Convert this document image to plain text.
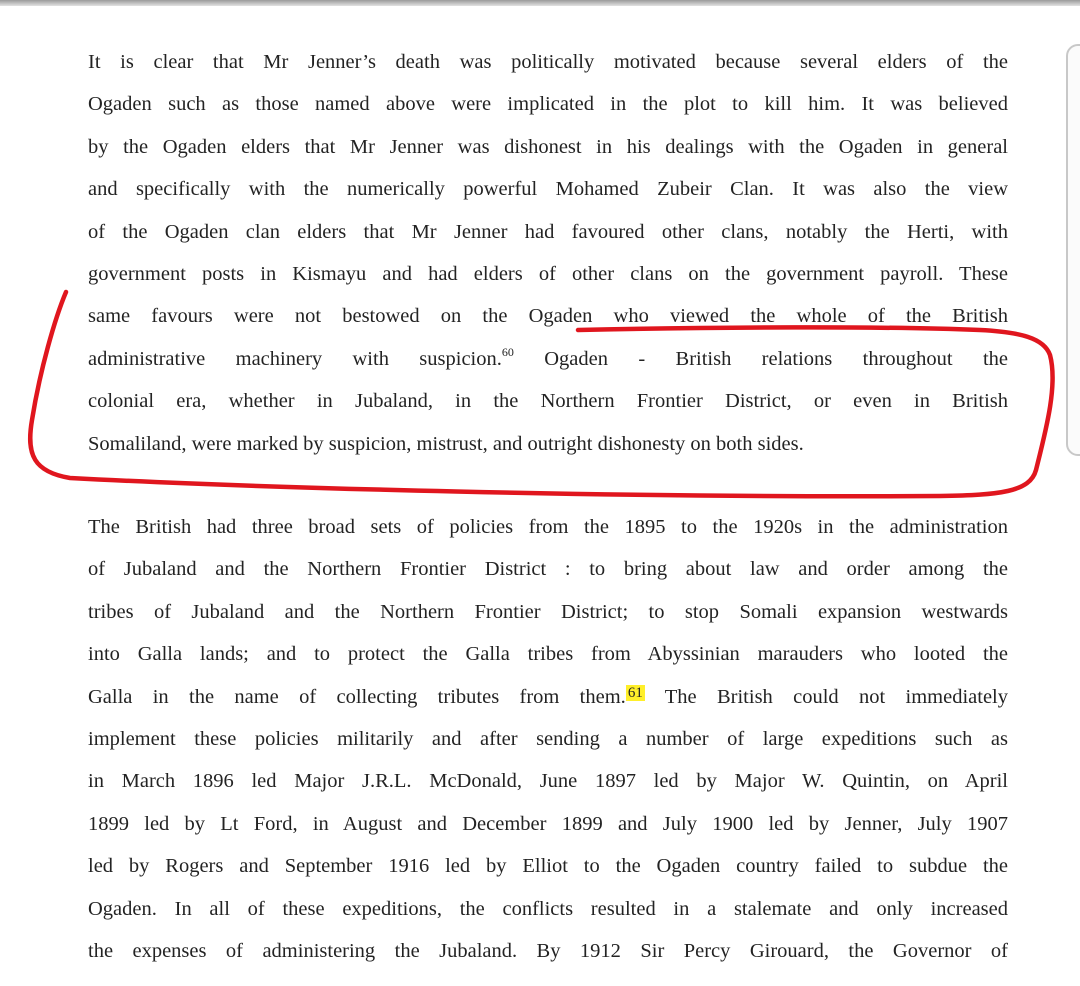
It is clear that Mr Jenner’s death was politically motivated because several elders of the
Ogaden such as those named above were implicated in the plot to kill him. It was believed
by the Ogaden elders that Mr Jenner was dishonest in his dealings with the Ogaden in general
and specifically with the numerically powerful Mohamed Zubeir Clan. It was also the view
of the Ogaden clan elders that Mr Jenner had favoured other clans, notably the Herti, with
government posts in Kismayu and had elders of other clans on the government payroll. These
same favours were not bestowed on the Ogaden who viewed the whole of the British
administrative machinery with suspicion.$^{60}$ Ogaden - British relations throughout the
colonial era, whether in Jubaland, in the Northern Frontier District, or even in British
Somaliland, were marked by suspicion, mistrust, and outright dishonesty on both sides.
The British had three broad sets of policies from the 1895 to the 1920s in the administration
of Jubaland and the Northern Frontier District : to bring about law and order among the
tribes of Jubaland and the Northern Frontier District; to stop Somali expansion westwards
into Galla lands; and to protect the Galla tribes from Abyssinian marauders who looted the
Galla in the name of collecting tributes from them. $^{61}$ The British could not immediately
implement these policies militarily and after sending a number of large expeditions such as
in March 1896 led Major J.R.L. McDonald, June 1897 led by Major W. Quintin, on April
1899 led by Lt Ford, in August and December 1899 and July 1900 led by Jenner, July 1907
led by Rogers and September 1916 led by Elliot to the Ogaden country failed to subdue the
Ogaden. In all of these expeditions, the conflicts resulted in a stalemate and only increased
the expenses of administering the Jubaland. By 1912 Sir Percy Girouard, the Governor of
